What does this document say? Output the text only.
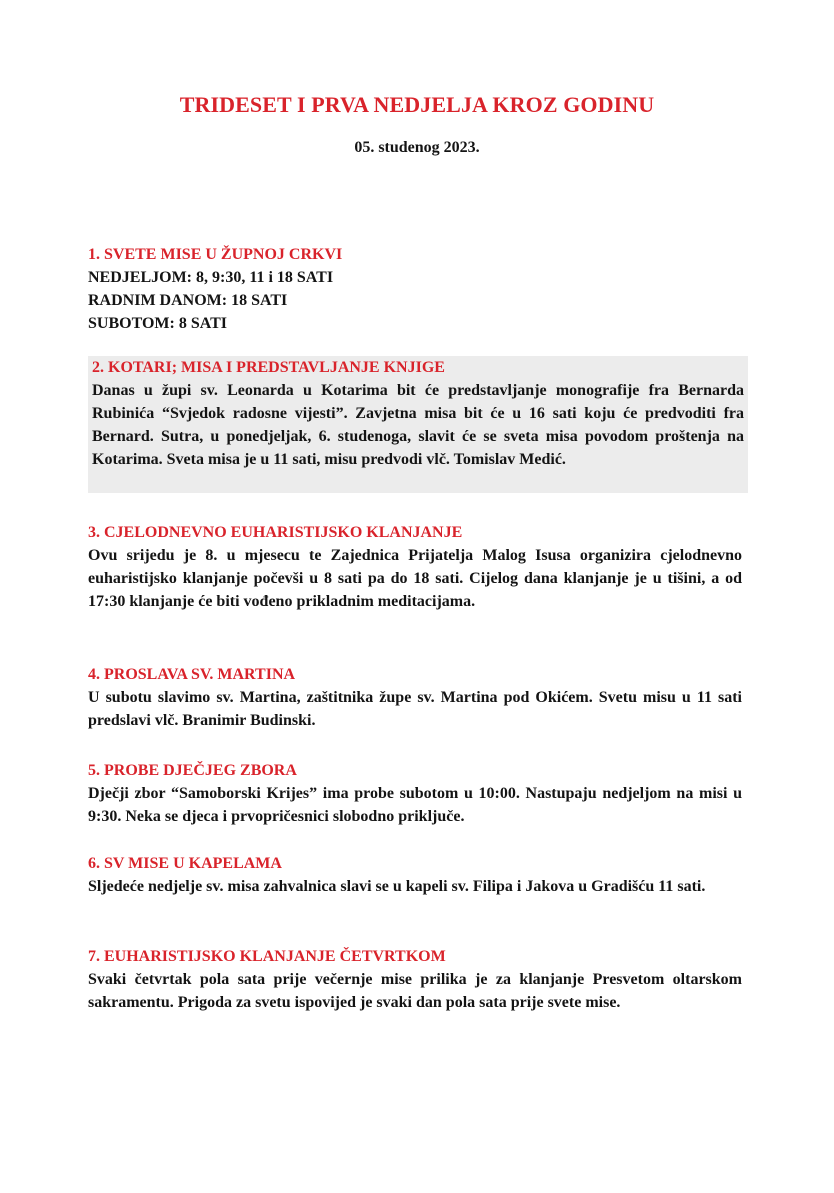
TRIDESET I PRVA NEDJELJA KROZ GODINU
05. studenog 2023.
1. SVETE MISE U ŽUPNOJ CRKVI
NEDJELJOM: 8, 9:30, 11 i 18 SATI
RADNIM DANOM: 18 SATI
SUBOTOM: 8 SATI
2. KOTARI; MISA I PREDSTAVLJANJE KNJIGE
Danas u župi sv. Leonarda u Kotarima bit će predstavljanje monografije fra Bernarda Rubinića “Svjedok radosne vijesti”. Zavjetna misa bit će u 16 sati koju će predvoditi fra Bernard. Sutra, u ponedjeljak, 6. studenoga, slavit će se sveta misa povodom proštenja na Kotarima. Sveta misa je u 11 sati, misu predvodi vlč. Tomislav Medić.
3. CJELODNEVNO EUHARISTIJSKO KLANJANJE
Ovu srijedu je 8. u mjesecu te Zajednica Prijatelja Malog Isusa organizira cjelodnevno euharistijsko klanjanje počevši u 8 sati pa do 18 sati. Cijelog dana klanjanje je u tišini, a od 17:30 klanjanje će biti vođeno prikladnim meditacijama.
4. PROSLAVA SV. MARTINA
U subotu slavimo sv. Martina, zaštitnika župe sv. Martina pod Okićem. Svetu misu u 11 sati predslavi vlč. Branimir Budinski.
5. PROBE DJEČJEG ZBORA
Dječji zbor “Samoborski Krijes” ima probe subotom u 10:00. Nastupaju nedjeljom na misi u 9:30. Neka se djeca i prvopričesnici slobodno priključe.
6. SV MISE U KAPELAMA
Sljedeće nedjelje sv. misa zahvalnica slavi se u kapeli sv. Filipa i Jakova u Gradišću 11 sati.
7. EUHARISTIJSKO KLANJANJE ČETVRTKOM
Svaki četvrtak pola sata prije večernje mise prilika je za klanjanje Presvetom oltarskom sakramentu. Prigoda za svetu ispovijed je svaki dan pola sata prije svete mise.
